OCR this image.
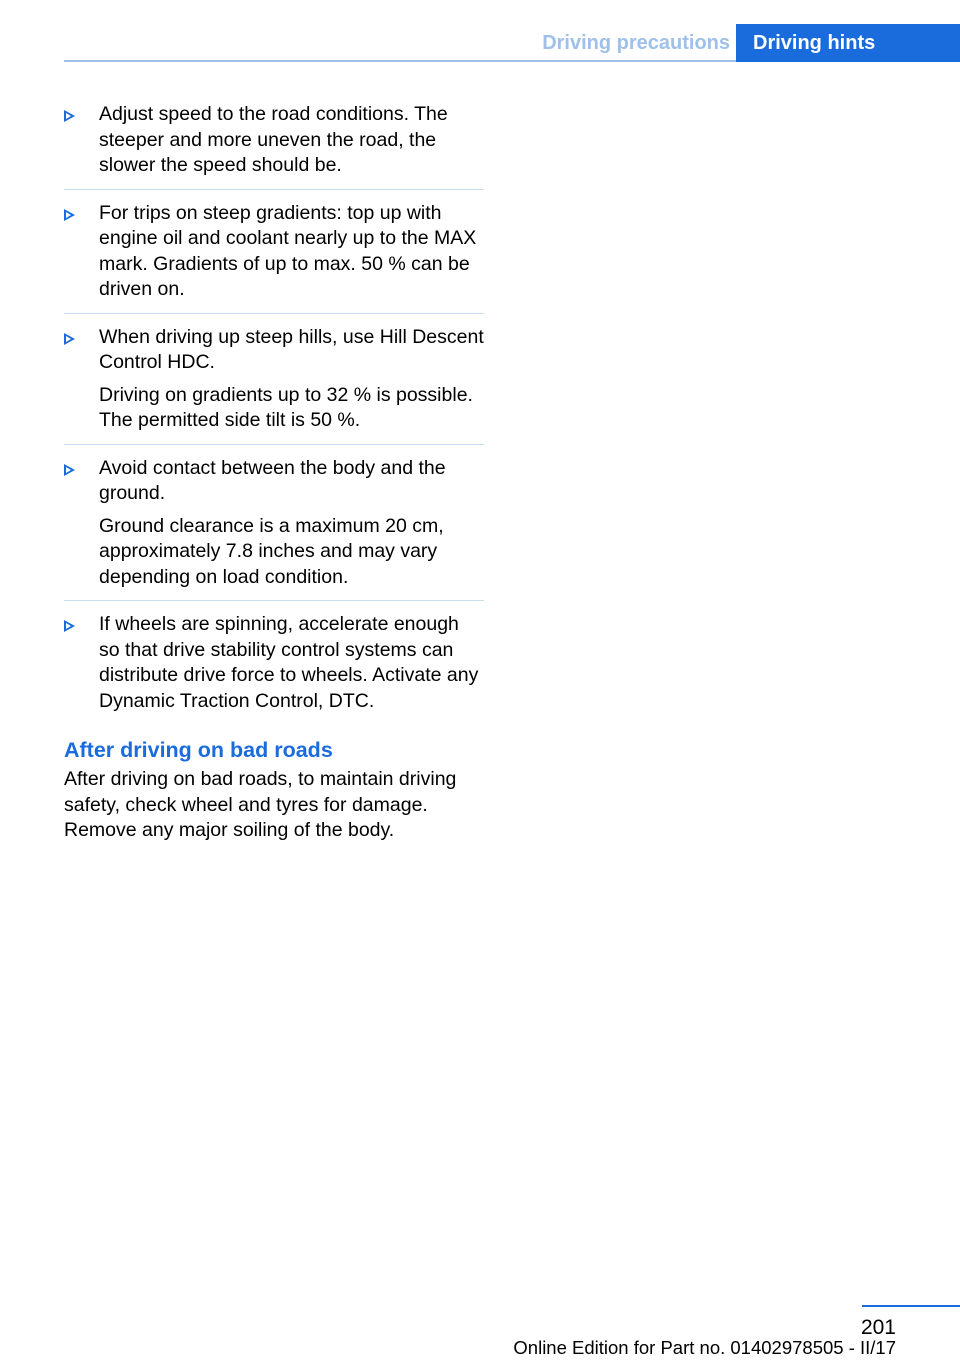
Driving precautions	Driving hints

Adjust speed to the road conditions. The steeper and more uneven the road, the slower the speed should be.

For trips on steep gradients: top up with engine oil and coolant nearly up to the MAX mark. Gradients of up to max. 50 % can be driven on.

When driving up steep hills, use Hill Descent Control HDC.

Driving on gradients up to 32 % is possible. The permitted side tilt is 50 %.

Avoid contact between the body and the ground.

Ground clearance is a maximum 20 cm, approximately 7.8 inches and may vary depending on load condition.

If wheels are spinning, accelerate enough so that drive stability control systems can distribute drive force to wheels. Activate any Dynamic Traction Control, DTC.

After driving on bad roads

After driving on bad roads, to maintain driving safety, check wheel and tyres for damage. Remove any major soiling of the body.

201
Online Edition for Part no. 01402978505 - II/17
